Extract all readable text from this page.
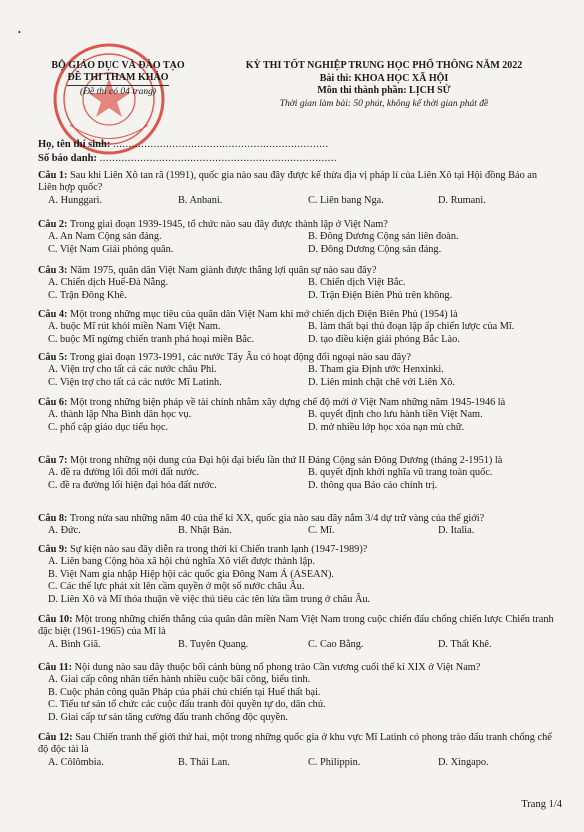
•
BỘ GIÁO DỤC VÀ ĐÀO TẠO
ĐỀ THI THAM KHẢO
(Đề thi có 04 trang)
KỲ THI TỐT NGHIỆP TRUNG HỌC PHỔ THÔNG NĂM 2022
Bài thi: KHOA HỌC XÃ HỘI
Môn thi thành phần: LỊCH SỬ
Thời gian làm bài: 50 phút, không kể thời gian phát đề
Họ, tên thí sinh: .....................................................................
Số báo danh: ............................................................................

Câu 1: Sau khi Liên Xô tan rã (1991), quốc gia nào sau đây được kế thừa địa vị pháp lí của Liên Xô tại Hội đồng Bảo an Liên hợp quốc?

A. Hunggari.	B. Anbani.	C. Liên bang Nga.	D. Rumani.

Câu 2: Trong giai đoạn 1939-1945, tổ chức nào sau đây được thành lập ở Việt Nam?

A. An Nam Cộng sản đảng.	B. Đông Dương Cộng sản liên đoàn.
C. Việt Nam Giải phóng quân.	D. Đông Dương Cộng sản đảng.

Câu 3: Năm 1975, quân dân Việt Nam giành được thắng lợi quân sự nào sau đây?

A. Chiến dịch Huế-Đà Nẵng.	B. Chiến dịch Việt Bắc.
C. Trận Đông Khê.	D. Trận Điện Biên Phủ trên không.

Câu 4: Một trong những mục tiêu của quân dân Việt Nam khi mở chiến dịch Điện Biên Phủ (1954) là

A. buộc Mĩ rút khỏi miền Nam Việt Nam.	B. làm thất bại thủ đoạn lập ấp chiến lược của Mĩ.
C. buộc Mĩ ngừng chiến tranh phá hoại miền Bắc.	D. tạo điều kiện giải phóng Bắc Lào.

Câu 5: Trong giai đoạn 1973-1991, các nước Tây Âu có hoạt động đối ngoại nào sau đây?

A. Viện trợ cho tất cả các nước châu Phi.	B. Tham gia Định ước Henxinki.
C. Viện trợ cho tất cả các nước Mĩ Latinh.	D. Liên minh chặt chẽ với Liên Xô.

Câu 6: Một trong những biện pháp về tài chính nhằm xây dựng chế độ mới ở Việt Nam những năm 1945-1946 là

A. thành lập Nha Bình dân học vụ.	B. quyết định cho lưu hành tiền Việt Nam.
C. phổ cập giáo dục tiểu học.	D. mở nhiều lớp học xóa nạn mù chữ.

Câu 7: Một trong những nội dung của Đại hội đại biểu lần thứ II Đảng Cộng sản Đông Dương (tháng 2-1951) là

A. đề ra đường lối đổi mới đất nước.	B. quyết định khởi nghĩa vũ trang toàn quốc.
C. đề ra đường lối hiện đại hóa đất nước.	D. thông qua Báo cáo chính trị.

Câu 8: Trong nửa sau những năm 40 của thế kỉ XX, quốc gia nào sau đây nắm 3/4 dự trữ vàng của thế giới?

A. Đức.	B. Nhật Bản.	C. Mĩ.	D. Italia.

Câu 9: Sự kiện nào sau đây diễn ra trong thời kì Chiến tranh lạnh (1947-1989)?

A. Liên bang Cộng hòa xã hội chủ nghĩa Xô viết được thành lập.
B. Việt Nam gia nhập Hiệp hội các quốc gia Đông Nam Á (ASEAN).
C. Các thế lực phát xít lên cầm quyền ở một số nước châu Âu.
D. Liên Xô và Mĩ thỏa thuận về việc thủ tiêu các tên lửa tầm trung ở châu Âu.

Câu 10: Một trong những chiến thắng của quân dân miền Nam Việt Nam trong cuộc chiến đấu chống chiến lược Chiến tranh đặc biệt (1961-1965) của Mĩ là

A. Bình Giã.	B. Tuyên Quang.	C. Cao Bằng.	D. Thất Khê.

Câu 11: Nội dung nào sau đây thuộc bối cảnh bùng nổ phong trào Cần vương cuối thế kỉ XIX ở Việt Nam?

A. Giai cấp công nhân tiến hành nhiều cuộc bãi công, biểu tình.
B. Cuộc phản công quân Pháp của phái chủ chiến tại Huế thất bại.
C. Tiểu tư sản tổ chức các cuộc đấu tranh đòi quyền tự do, dân chủ.
D. Giai cấp tư sản tăng cường đấu tranh chống độc quyền.

Câu 12: Sau Chiến tranh thế giới thứ hai, một trong những quốc gia ở khu vực Mĩ Latinh có phong trào đấu tranh chống chế độ độc tài là

A. Côlômbia.	B. Thái Lan.	C. Philippin.	D. Xingapo.
Trang 1/4
